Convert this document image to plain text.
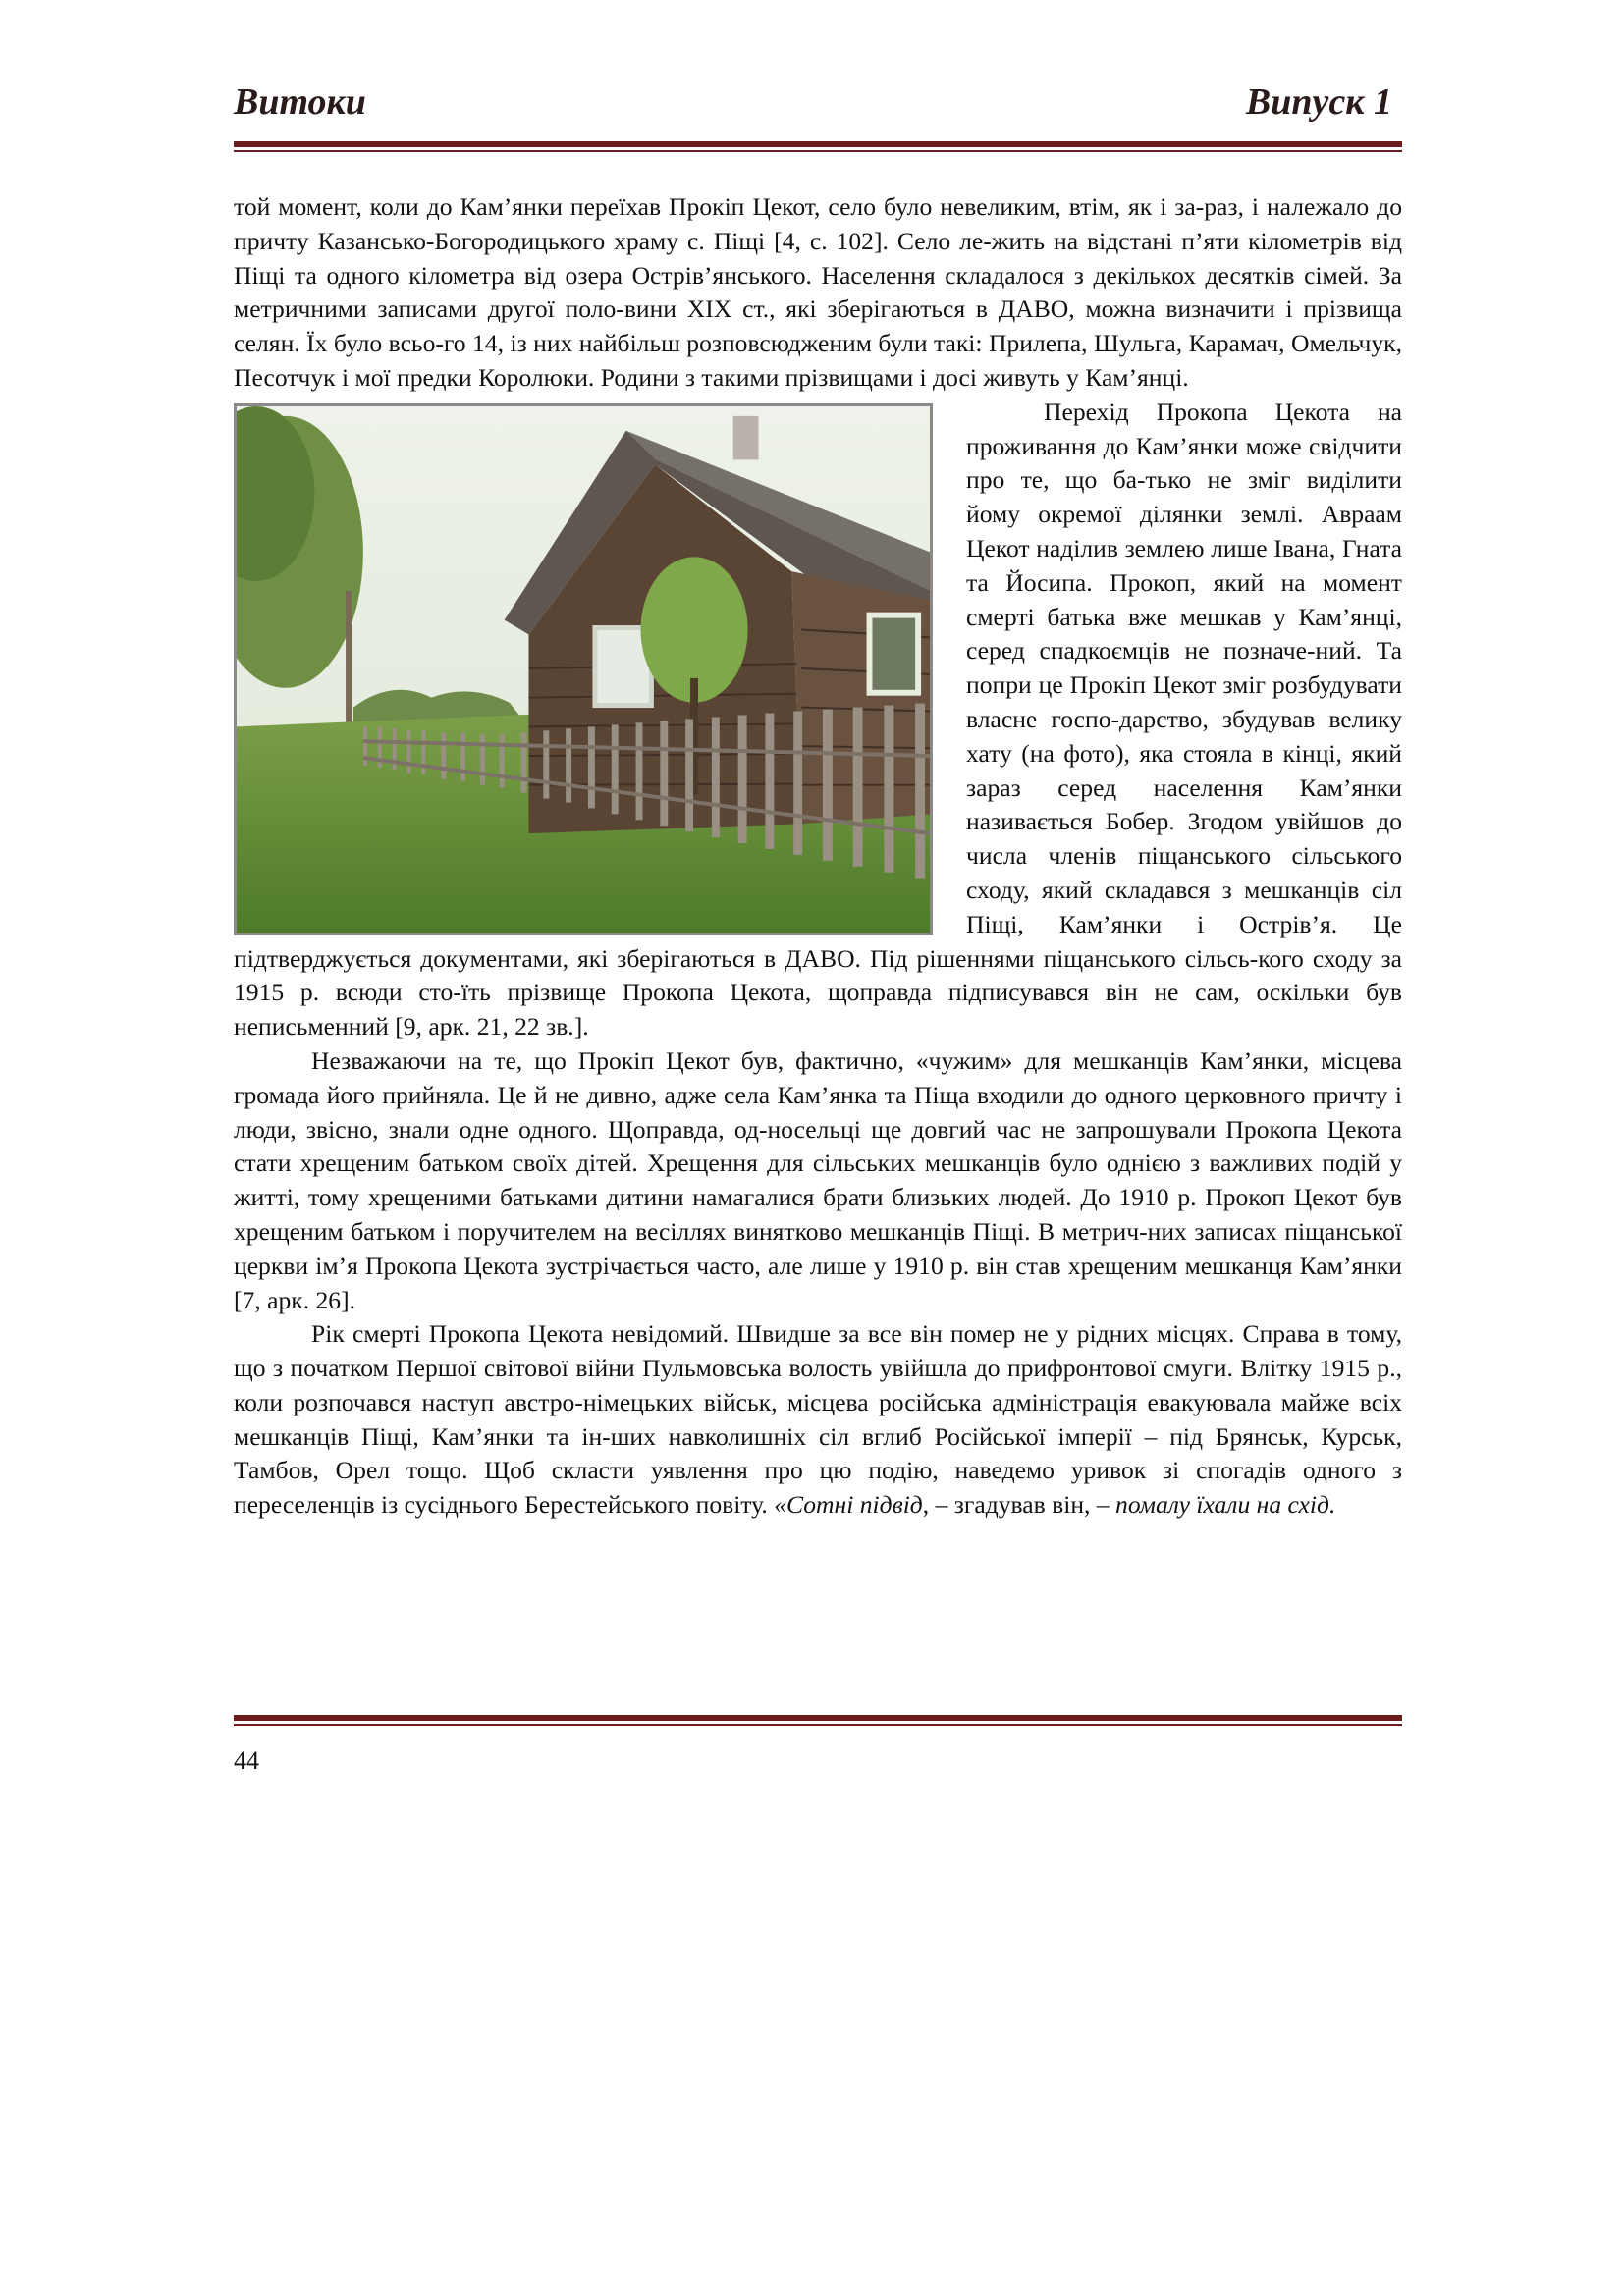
Витоки	Випуск 1

той момент, коли до Кам’янки переїхав Прокіп Цекот, село було невеликим, втім, як і за-раз, і належало до причту Казансько-Богородицького храму с. Піщі [4, с. 102]. Село ле-жить на відстані п’яти кілометрів від Піщі та одного кілометра від озера Острів’янського. Населення складалося з декількох десятків сімей. За метричними записами другої поло-вини XIX ст., які зберігаються в ДАВО, можна визначити і прізвища селян. Їх було всьо-го 14, із них найбільш розповсюдженим були такі: Прилепа, Шульга, Карамач, Омельчук, Песотчук і мої предки Королюки. Родини з такими прізвищами і досі живуть у Кам’янці.

Перехід Прокопа Цекота на проживання до Кам’янки може свідчити про те, що ба-тько не зміг виділити йому окремої ділянки землі. Авраам Цекот наділив землею лише Івана, Гната та Йосипа. Прокоп, який на момент смерті батька вже мешкав у Кам’янці, серед спадкоємців не позначе-ний. Та попри це Прокіп Цекот зміг розбудувати власне госпо-дарство, збудував велику хату (на фото), яка стояла в кінці, який зараз серед населення Кам’янки називається Бобер. Згодом увійшов до числа членів піщанського сільського сходу, який складався з мешканців сіл Піщі, Кам’янки і Острів’я. Це підтверджується документами, які зберігаються в ДАВО. Під рішеннями піщанського сільсь-кого сходу за 1915 р. всюди сто-їть прізвище Прокопа Цекота, щоправда підписувався він не сам, оскільки був неписьменний [9, арк. 21, 22 зв.].

Незважаючи на те, що Прокіп Цекот був, фактично, «чужим» для мешканців Кам’янки, місцева громада його прийняла. Це й не дивно, адже села Кам’янка та Піща входили до одного церковного причту і люди, звісно, знали одне одного. Щоправда, од-носельці ще довгий час не запрошували Прокопа Цекота стати хрещеним батьком своїх дітей. Хрещення для сільських мешканців було однією з важливих подій у житті, тому хрещеними батьками дитини намагалися брати близьких людей. До 1910 р. Прокоп Цекот був хрещеним батьком і поручителем на весіллях винятково мешканців Піщі. В метрич-них записах піщанської церкви ім’я Прокопа Цекота зустрічається часто, але лише у 1910 р. він став хрещеним мешканця Кам’янки [7, арк. 26].

Рік смерті Прокопа Цекота невідомий. Швидше за все він помер не у рідних місцях. Справа в тому, що з початком Першої світової війни Пульмовська волость увійшла до прифронтової смуги. Влітку 1915 р., коли розпочався наступ австро-німецьких військ, місцева російська адміністрація евакуювала майже всіх мешканців Піщі, Кам’янки та ін-ших навколишніх сіл вглиб Російської імперії – під Брянськ, Курськ, Тамбов, Орел тощо. Щоб скласти уявлення про цю подію, наведемо уривок зі спогадів одного з переселенців із сусіднього Берестейського повіту. «Сотні підвід, – згадував він, – помалу їхали на схід.

44
